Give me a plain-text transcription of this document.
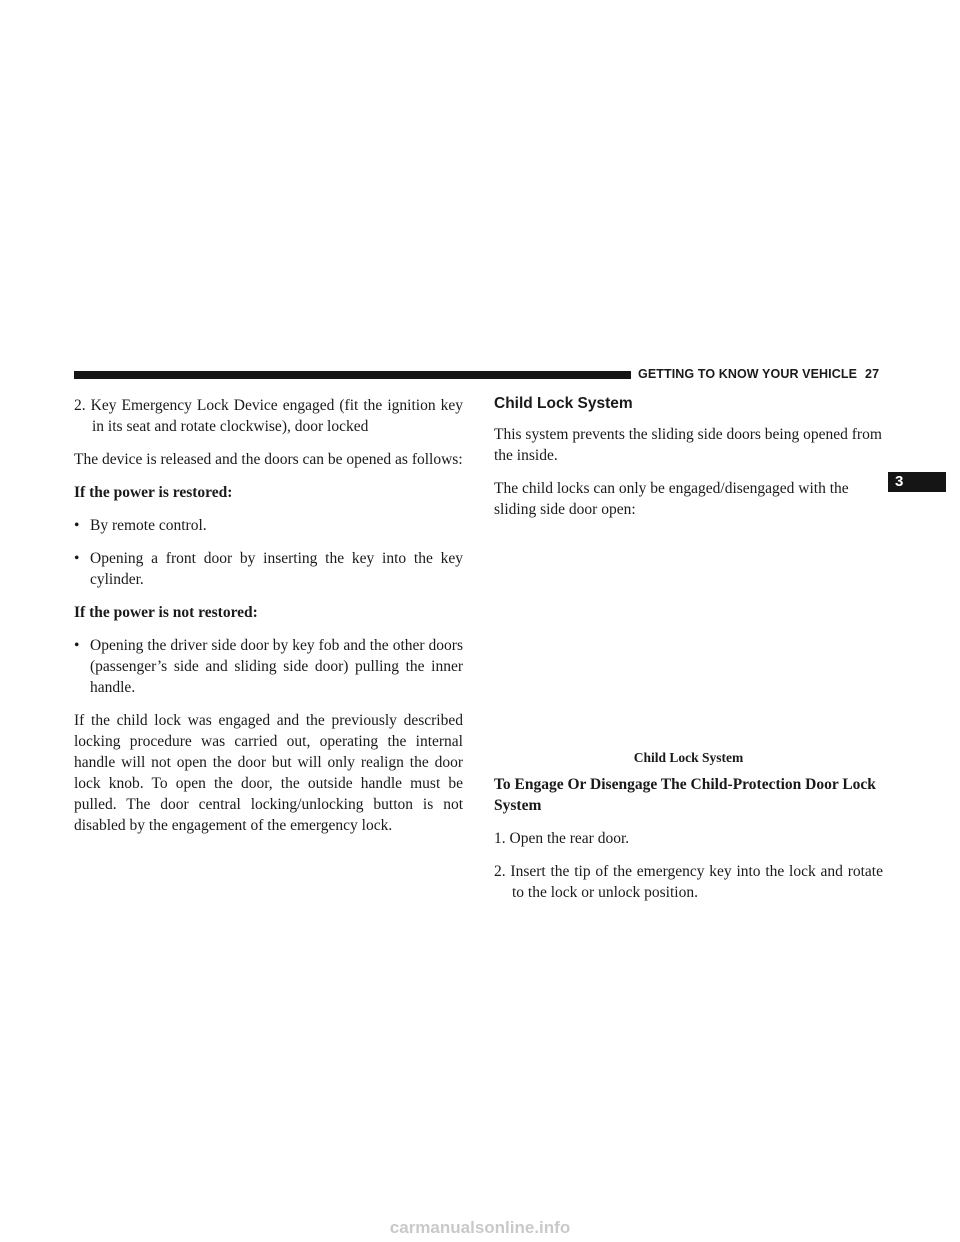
GETTING TO KNOW YOUR VEHICLE 27
3

2. Key Emergency Lock Device engaged (fit the ignition key in its seat and rotate clockwise), door locked

The device is released and the doors can be opened as follows:

If the power is restored:
• By remote control.
• Opening a front door by inserting the key into the key cylinder.
If the power is not restored:
• Opening the driver side door by key fob and the other doors (passenger’s side and sliding side door) pulling the inner handle.

If the child lock was engaged and the previously described locking procedure was carried out, operating the internal handle will not open the door but will only realign the door lock knob. To open the door, the outside handle must be pulled. The door central locking/unlocking button is not disabled by the engagement of the emergency lock.

Child Lock System

This system prevents the sliding side doors being opened from the inside.

The child locks can only be engaged/disengaged with the sliding side door open:

Child Lock System
To Engage Or Disengage The Child-Protection Door Lock System

1. Open the rear door.

2. Insert the tip of the emergency key into the lock and rotate to the lock or unlock position.

carmanualsonline.info
